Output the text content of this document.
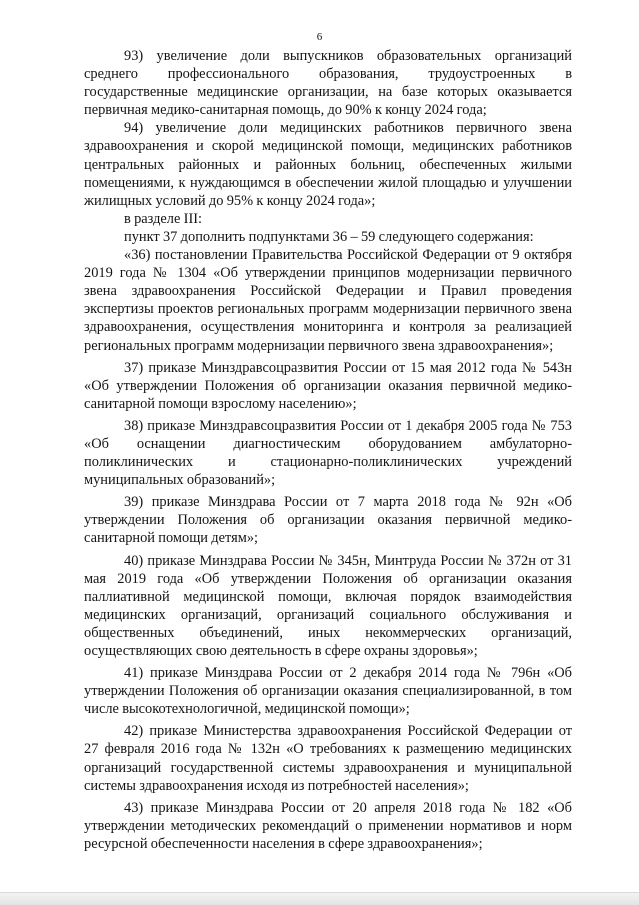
6

93) увеличение доли выпускников образовательных организаций среднего профессионального образования, трудоустроенных в государственные медицинские организации, на базе которых оказывается первичная медико-санитарная помощь, до 90% к концу 2024 года;

94) увеличение доли медицинских работников первичного звена здравоохранения и скорой медицинской помощи, медицинских работников центральных районных и районных больниц, обеспеченных жилыми помещениями, к нуждающимся в обеспечении жилой площадью и улучшении жилищных условий до 95% к концу 2024 года»;

в разделе III:

пункт 37 дополнить подпунктами 36 – 59 следующего содержания:

«36) постановлении Правительства Российской Федерации от 9 октября 2019 года № 1304 «Об утверждении принципов модернизации первичного звена здравоохранения Российской Федерации и Правил проведения экспертизы проектов региональных программ модернизации первичного звена здравоохранения, осуществления мониторинга и контроля за реализацией региональных программ модернизации первичного звена здравоохранения»;

37) приказе Минздравсоцразвития России от 15 мая 2012 года № 543н «Об утверждении Положения об организации оказания первичной медико-санитарной помощи взрослому населению»;

38) приказе Минздравсоцразвития России от 1 декабря 2005 года № 753 «Об оснащении диагностическим оборудованием амбулаторно-поликлинических и стационарно-поликлинических учреждений муниципальных образований»;

39) приказе Минздрава России от 7 марта 2018 года № 92н «Об утверждении Положения об организации оказания первичной медико-санитарной помощи детям»;

40) приказе Минздрава России № 345н, Минтруда России № 372н от 31 мая 2019 года «Об утверждении Положения об организации оказания паллиативной медицинской помощи, включая порядок взаимодействия медицинских организаций, организаций социального обслуживания и общественных объединений, иных некоммерческих организаций, осуществляющих свою деятельность в сфере охраны здоровья»;

41) приказе Минздрава России от 2 декабря 2014 года № 796н «Об утверждении Положения об организации оказания специализированной, в том числе высокотехнологичной, медицинской помощи»;

42) приказе Министерства здравоохранения Российской Федерации от 27 февраля 2016 года № 132н «О требованиях к размещению медицинских организаций государственной системы здравоохранения и муниципальной системы здравоохранения исходя из потребностей населения»;

43) приказе Минздрава России от 20 апреля 2018 года № 182 «Об утверждении методических рекомендаций о применении нормативов и норм ресурсной обеспеченности населения в сфере здравоохранения»;
